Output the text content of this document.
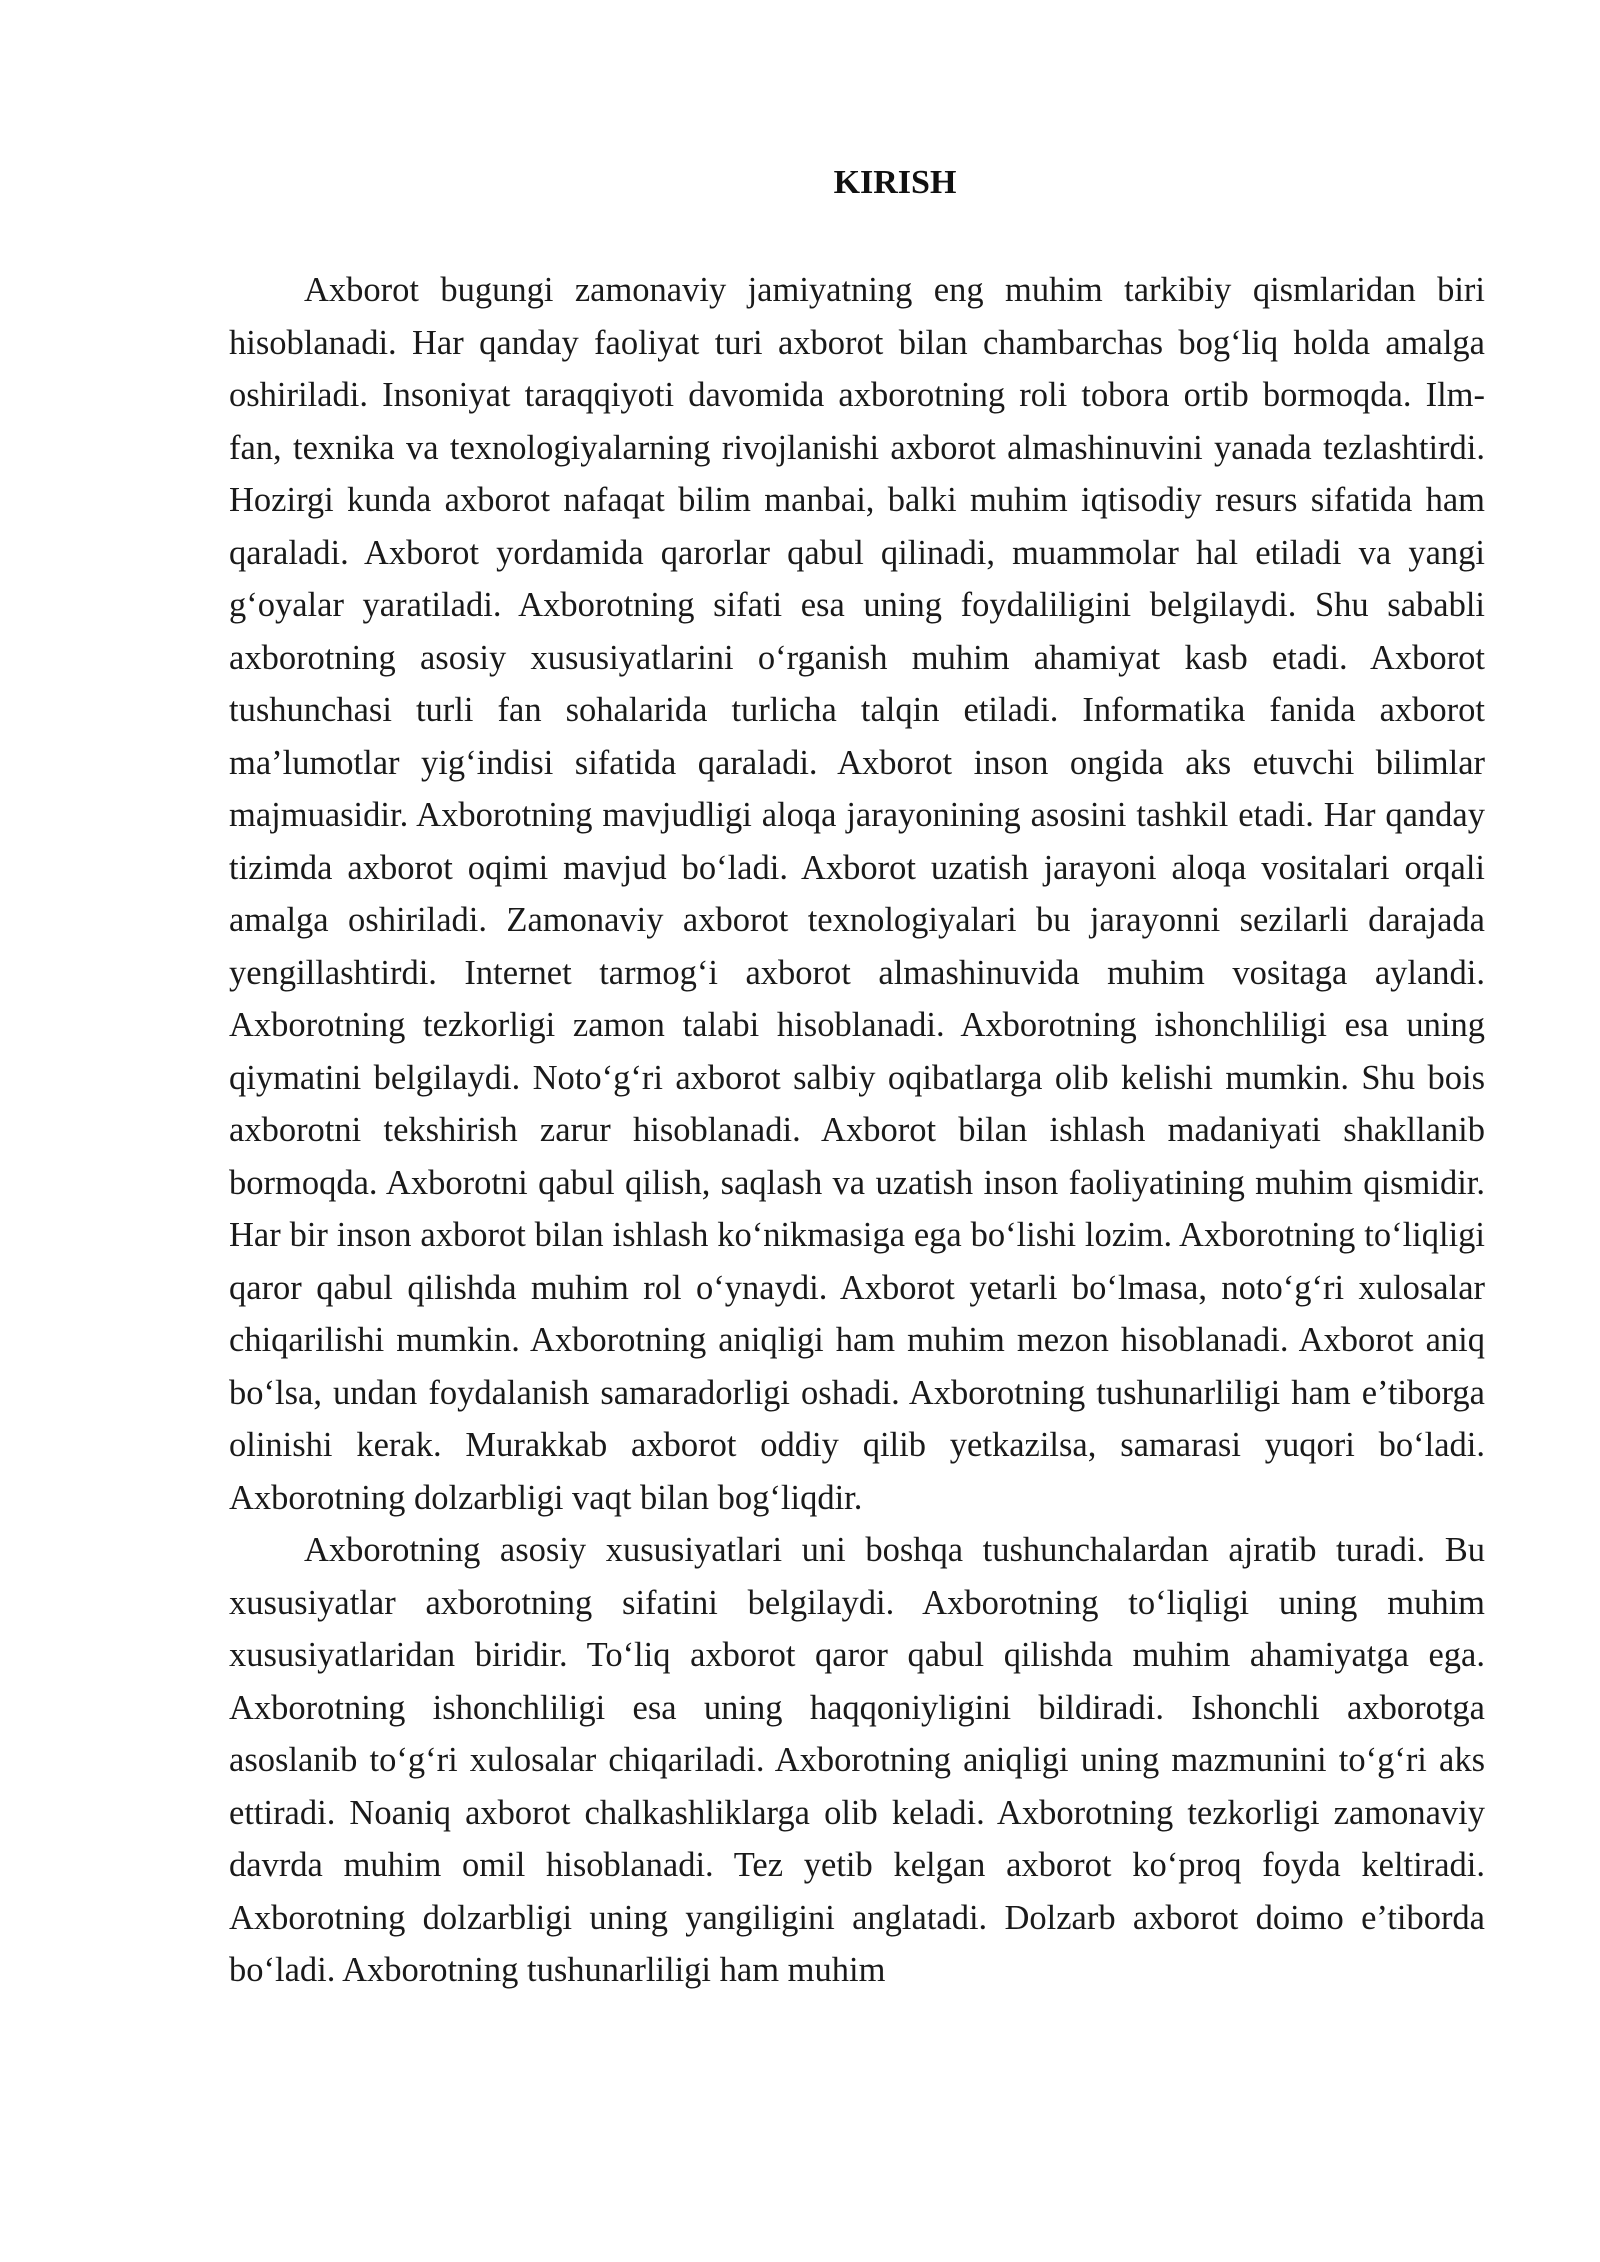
KIRISH

Axborot bugungi zamonaviy jamiyatning eng muhim tarkibiy qismlaridan biri hisoblanadi. Har qanday faoliyat turi axborot bilan chambarchas bog‘liq holda amalga oshiriladi. Insoniyat taraqqiyoti davomida axborotning roli tobora ortib bormoqda. Ilm-fan, texnika va texnologiyalarning rivojlanishi axborot almashinuvini yanada tezlashtirdi. Hozirgi kunda axborot nafaqat bilim manbai, balki muhim iqtisodiy resurs sifatida ham qaraladi. Axborot yordamida qarorlar qabul qilinadi, muammolar hal etiladi va yangi g‘oyalar yaratiladi. Axborotning sifati esa uning foydaliligini belgilaydi. Shu sababli axborotning asosiy xususiyatlarini o‘rganish muhim ahamiyat kasb etadi. Axborot tushunchasi turli fan sohalarida turlicha talqin etiladi. Informatika fanida axborot ma’lumotlar yig‘indisi sifatida qaraladi. Axborot inson ongida aks etuvchi bilimlar majmuasidir. Axborotning mavjudligi aloqa jarayonining asosini tashkil etadi. Har qanday tizimda axborot oqimi mavjud bo‘ladi. Axborot uzatish jarayoni aloqa vositalari orqali amalga oshiriladi. Zamonaviy axborot texnologiyalari bu jarayonni sezilarli darajada yengillashtirdi. Internet tarmog‘i axborot almashinuvida muhim vositaga aylandi. Axborotning tezkorligi zamon talabi hisoblanadi. Axborotning ishonchliligi esa uning qiymatini belgilaydi. Noto‘g‘ri axborot salbiy oqibatlarga olib kelishi mumkin. Shu bois axborotni tekshirish zarur hisoblanadi. Axborot bilan ishlash madaniyati shakllanib bormoqda. Axborotni qabul qilish, saqlash va uzatish inson faoliyatining muhim qismidir. Har bir inson axborot bilan ishlash ko‘nikmasiga ega bo‘lishi lozim. Axborotning to‘liqligi qaror qabul qilishda muhim rol o‘ynaydi. Axborot yetarli bo‘lmasa, noto‘g‘ri xulosalar chiqarilishi mumkin. Axborotning aniqligi ham muhim mezon hisoblanadi. Axborot aniq bo‘lsa, undan foydalanish samaradorligi oshadi. Axborotning tushunarliligi ham e’tiborga olinishi kerak. Murakkab axborot oddiy qilib yetkazilsa, samarasi yuqori bo‘ladi. Axborotning dolzarbligi vaqt bilan bog‘liqdir.

Axborotning asosiy xususiyatlari uni boshqa tushunchalardan ajratib turadi. Bu xususiyatlar axborotning sifatini belgilaydi. Axborotning to‘liqligi uning muhim xususiyatlaridan biridir. To‘liq axborot qaror qabul qilishda muhim ahamiyatga ega. Axborotning ishonchliligi esa uning haqqoniyligini bildiradi. Ishonchli axborotga asoslanib to‘g‘ri xulosalar chiqariladi. Axborotning aniqligi uning mazmunini to‘g‘ri aks ettiradi. Noaniq axborot chalkashliklarga olib keladi. Axborotning tezkorligi zamonaviy davrda muhim omil hisoblanadi. Tez yetib kelgan axborot ko‘proq foyda keltiradi. Axborotning dolzarbligi uning yangiligini anglatadi. Dolzarb axborot doimo e’tiborda bo‘ladi. Axborotning tushunarliligi ham muhim
